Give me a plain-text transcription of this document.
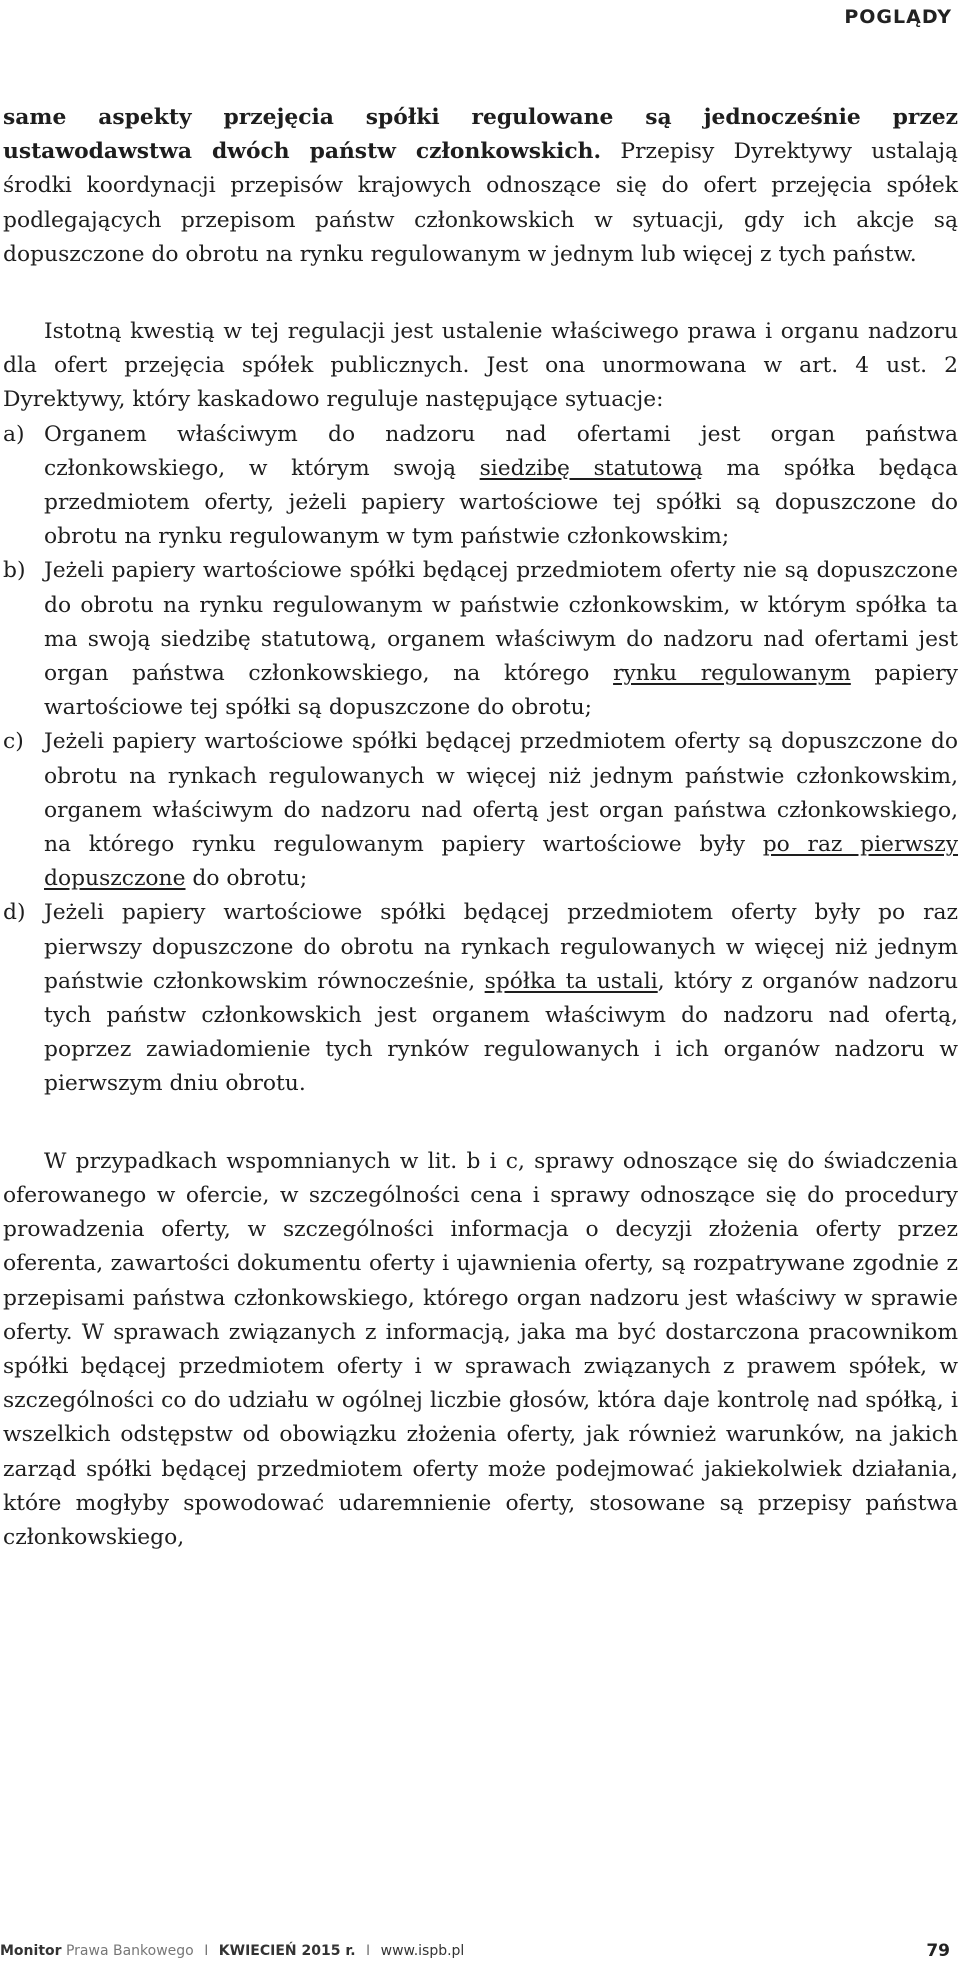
POGLĄDY

same aspekty przejęcia spółki regulowane są jednocześnie przez ustawodawstwa dwóch państw członkowskich. Przepisy Dyrektywy ustalają środki koordynacji przepisów krajowych odnoszące się do ofert przejęcia spółek podlegających przepisom państw członkowskich w sytuacji, gdy ich akcje są dopuszczone do obrotu na rynku regulowanym w jednym lub więcej z tych państw.

Istotną kwestią w tej regulacji jest ustalenie właściwego prawa i organu nadzoru dla ofert przejęcia spółek publicznych. Jest ona unormowana w art. 4 ust. 2 Dyrektywy, który kaskadowo reguluje następujące sytuacje:

a) Organem właściwym do nadzoru nad ofertami jest organ państwa członkowskiego, w którym swoją siedzibę statutową ma spółka będąca przedmiotem oferty, jeżeli papiery wartościowe tej spółki są dopuszczone do obrotu na rynku regulowanym w tym państwie członkowskim;
b) Jeżeli papiery wartościowe spółki będącej przedmiotem oferty nie są dopuszczone do obrotu na rynku regulowanym w państwie członkowskim, w którym spółka ta ma swoją siedzibę statutową, organem właściwym do nadzoru nad ofertami jest organ państwa członkowskiego, na którego rynku regulowanym papiery wartościowe tej spółki są dopuszczone do obrotu;
c) Jeżeli papiery wartościowe spółki będącej przedmiotem oferty są dopuszczone do obrotu na rynkach regulowanych w więcej niż jednym państwie członkowskim, organem właściwym do nadzoru nad ofertą jest organ państwa członkowskiego, na którego rynku regulowanym papiery wartościowe były po raz pierwszy dopuszczone do obrotu;
d) Jeżeli papiery wartościowe spółki będącej przedmiotem oferty były po raz pierwszy dopuszczone do obrotu na rynkach regulowanych w więcej niż jednym państwie członkowskim równocześnie, spółka ta ustali, który z organów nadzoru tych państw członkowskich jest organem właściwym do nadzoru nad ofertą, poprzez zawiadomienie tych rynków regulowanych i ich organów nadzoru w pierwszym dniu obrotu.

W przypadkach wspomnianych w lit. b i c, sprawy odnoszące się do świadczenia oferowanego w ofercie, w szczególności cena i sprawy odnoszące się do procedury prowadzenia oferty, w szczególności informacja o decyzji złożenia oferty przez oferenta, zawartości dokumentu oferty i ujawnienia oferty, są rozpatrywane zgodnie z przepisami państwa członkowskiego, którego organ nadzoru jest właściwy w sprawie oferty. W sprawach związanych z informacją, jaka ma być dostarczona pracownikom spółki będącej przedmiotem oferty i w sprawach związanych z prawem spółek, w szczególności co do udziału w ogólnej liczbie głosów, która daje kontrolę nad spółką, i wszelkich odstępstw od obowiązku złożenia oferty, jak również warunków, na jakich zarząd spółki będącej przedmiotem oferty może podejmować jakiekolwiek działania, które mogłyby spowodować udaremnienie oferty, stosowane są przepisy państwa członkowskiego,

Monitor Prawa Bankowego I KWIECIEŃ 2015 r. I www.ispb.pl	79
